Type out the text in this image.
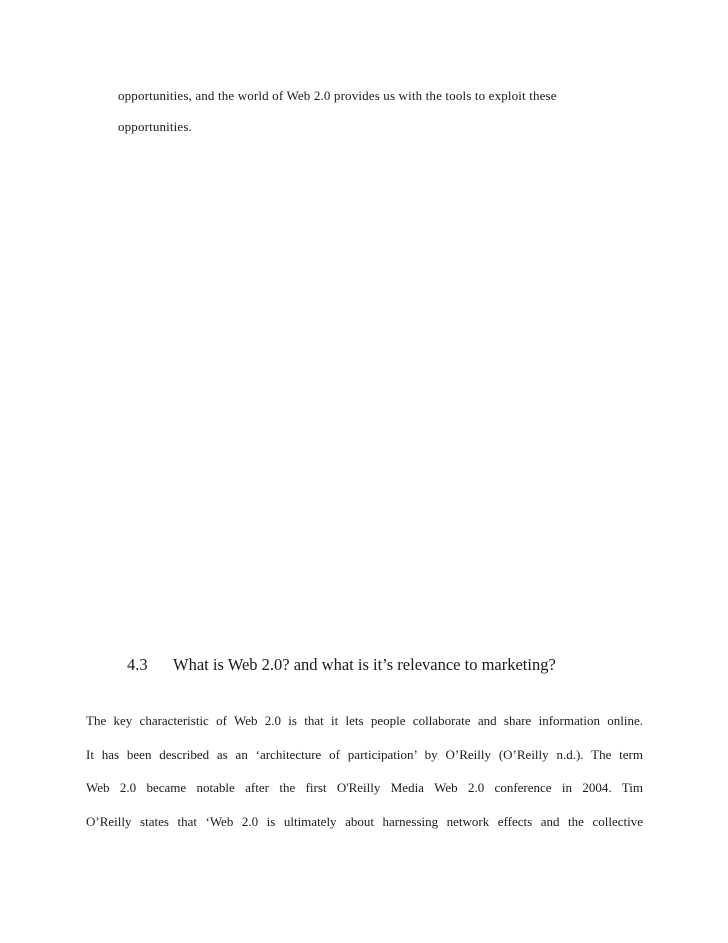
opportunities, and the world of Web 2.0 provides us with the tools to exploit these
opportunities.
4.3 What is Web 2.0? and what is it’s relevance to marketing?
The key characteristic of Web 2.0 is that it lets people collaborate and share information online.
It has been described as an ‘architecture of participation’ by O’Reilly (O’Reilly n.d.). The term
Web 2.0 became notable after the first O'Reilly Media Web 2.0 conference in 2004. Tim
O’Reilly states that ‘Web 2.0 is ultimately about harnessing network effects and the collective
